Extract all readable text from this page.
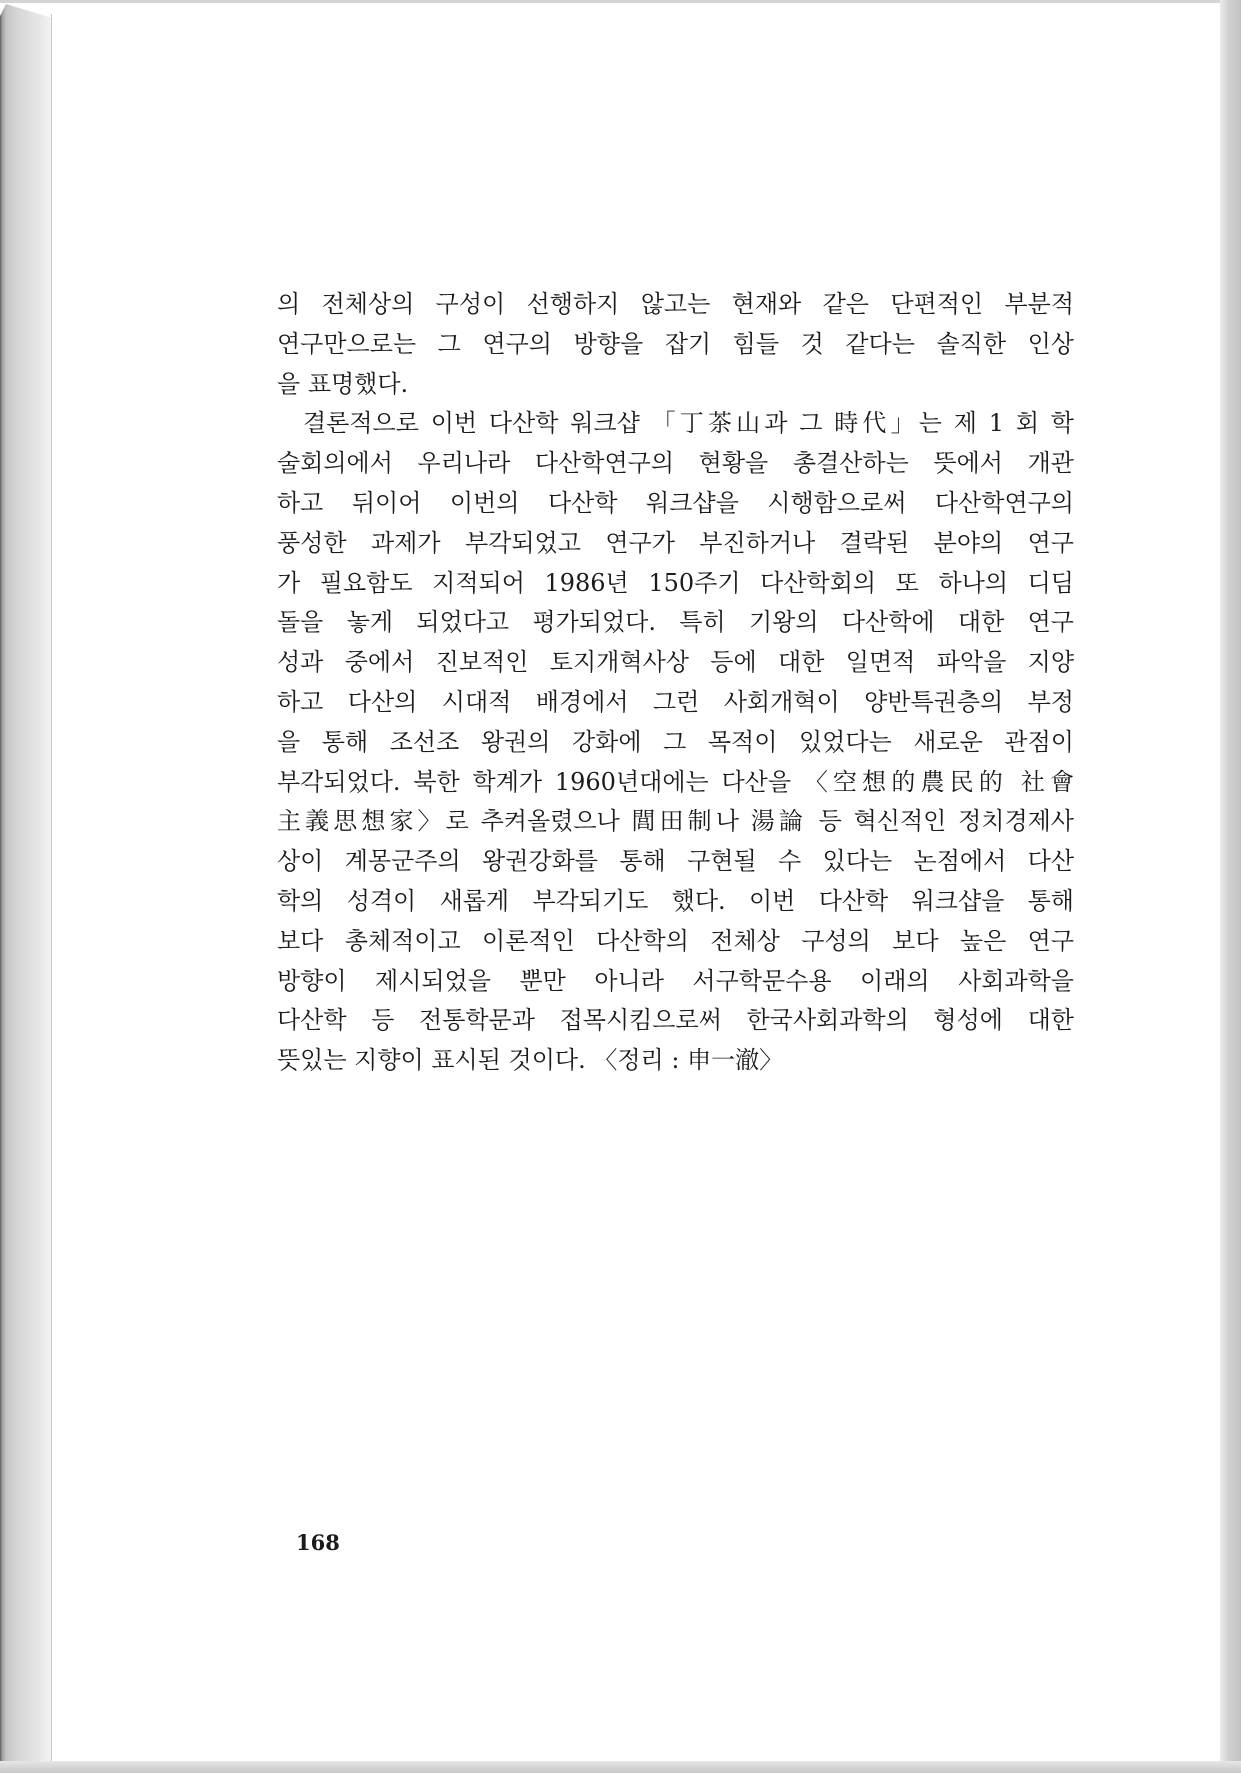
의 전체상의 구성이 선행하지 않고는 현재와 같은 단편적인 부분적
연구만으로는 그 연구의 방향을 잡기 힘들 것 같다는 솔직한 인상
을 표명했다.
결론적으로 이번 다산학 워크샵 「丁茶山과 그 時代」는 제 1 회 학
술회의에서 우리나라 다산학연구의 현황을 총결산하는 뜻에서 개관
하고 뒤이어 이번의 다산학 워크샵을 시행함으로써 다산학연구의
풍성한 과제가 부각되었고 연구가 부진하거나 결락된 분야의 연구
가 필요함도 지적되어 1986년 150주기 다산학회의 또 하나의 디딤
돌을 놓게 되었다고 평가되었다. 특히 기왕의 다산학에 대한 연구
성과 중에서 진보적인 토지개혁사상 등에 대한 일면적 파악을 지양
하고 다산의 시대적 배경에서 그런 사회개혁이 양반특권층의 부정
을 통해 조선조 왕권의 강화에 그 목적이 있었다는 새로운 관점이
부각되었다. 북한 학계가 1960년대에는 다산을 〈空想的農民的 社會
主義思想家〉로 추켜올렸으나 閭田制나 湯論 등 혁신적인 정치경제사
상이 계몽군주의 왕권강화를 통해 구현될 수 있다는 논점에서 다산
학의 성격이 새롭게 부각되기도 했다. 이번 다산학 워크샵을 통해
보다 총체적이고 이론적인 다산학의 전체상 구성의 보다 높은 연구
방향이 제시되었을 뿐만 아니라 서구학문수용 이래의 사회과학을
다산학 등 전통학문과 접목시킴으로써 한국사회과학의 형성에 대한
뜻있는 지향이 표시된 것이다. 〈정리 : 申一澈〉
168
